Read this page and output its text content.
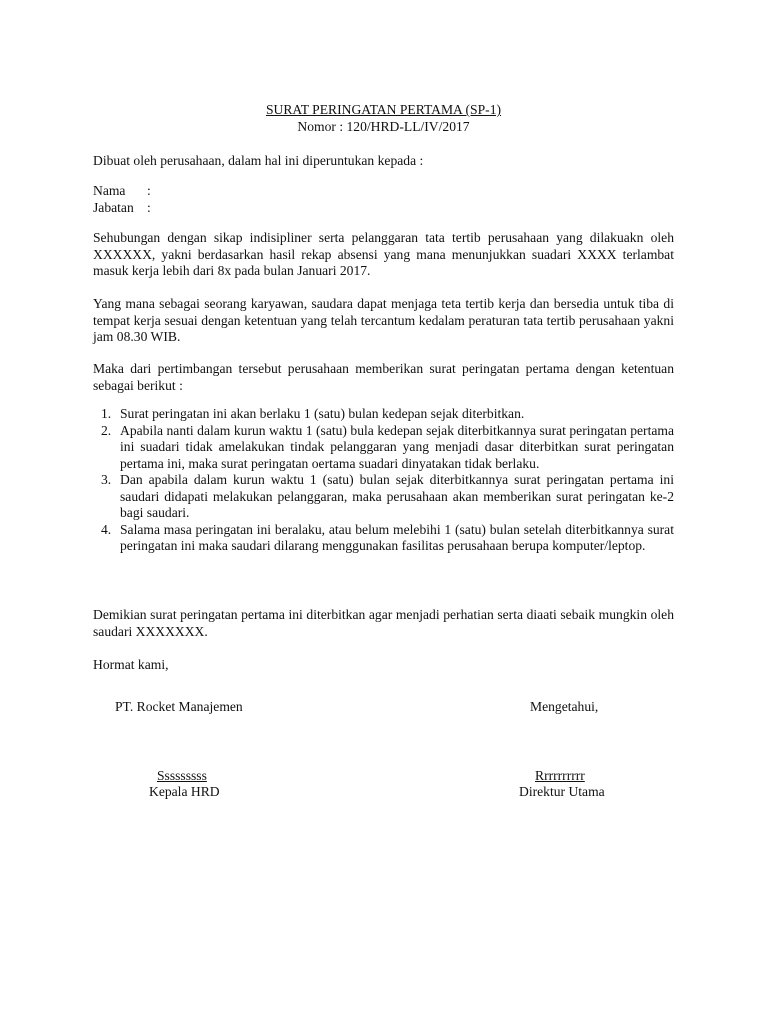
SURAT PERINGATAN PERTAMA (SP-1)
Nomor : 120/HRD-LL/IV/2017
Dibuat oleh perusahaan, dalam hal ini diperuntukan kepada :
Nama :
Jabatan :
Sehubungan dengan sikap indisipliner serta pelanggaran tata tertib perusahaan yang dilakuakn oleh XXXXXX, yakni berdasarkan hasil rekap absensi yang mana menunjukkan suadari XXXX terlambat masuk kerja lebih dari 8x pada bulan Januari 2017.
Yang mana sebagai seorang karyawan, saudara dapat menjaga teta tertib kerja dan bersedia untuk tiba di tempat kerja sesuai dengan ketentuan yang telah tercantum kedalam peraturan tata tertib perusahaan yakni jam 08.30 WIB.
Maka dari pertimbangan tersebut perusahaan memberikan surat peringatan pertama dengan ketentuan sebagai berikut :
1. Surat peringatan ini akan berlaku 1 (satu) bulan kedepan sejak diterbitkan.
2. Apabila nanti dalam kurun waktu 1 (satu) bula kedepan sejak diterbitkannya surat peringatan pertama ini suadari tidak amelakukan tindak pelanggaran yang menjadi dasar diterbitkan surat peringatan pertama ini, maka surat peringatan oertama suadari dinyatakan tidak berlaku.
3. Dan apabila dalam kurun waktu 1 (satu) bulan sejak diterbitkannya surat peringatan pertama ini saudari didapati melakukan pelanggaran, maka perusahaan akan memberikan surat peringatan ke-2 bagi saudari.
4. Salama masa peringatan ini beralaku, atau belum melebihi 1 (satu) bulan setelah diterbitkannya surat peringatan ini maka saudari dilarang menggunakan fasilitas perusahaan berupa komputer/leptop.
Demikian surat peringatan pertama ini diterbitkan agar menjadi perhatian serta diaati sebaik mungkin oleh saudari XXXXXXX.
Hormat kami,
PT. Rocket Manajemen	Mengetahui,
Sssssssss
Kepala HRD
Rrrrrrrrrr
Direktur Utama
